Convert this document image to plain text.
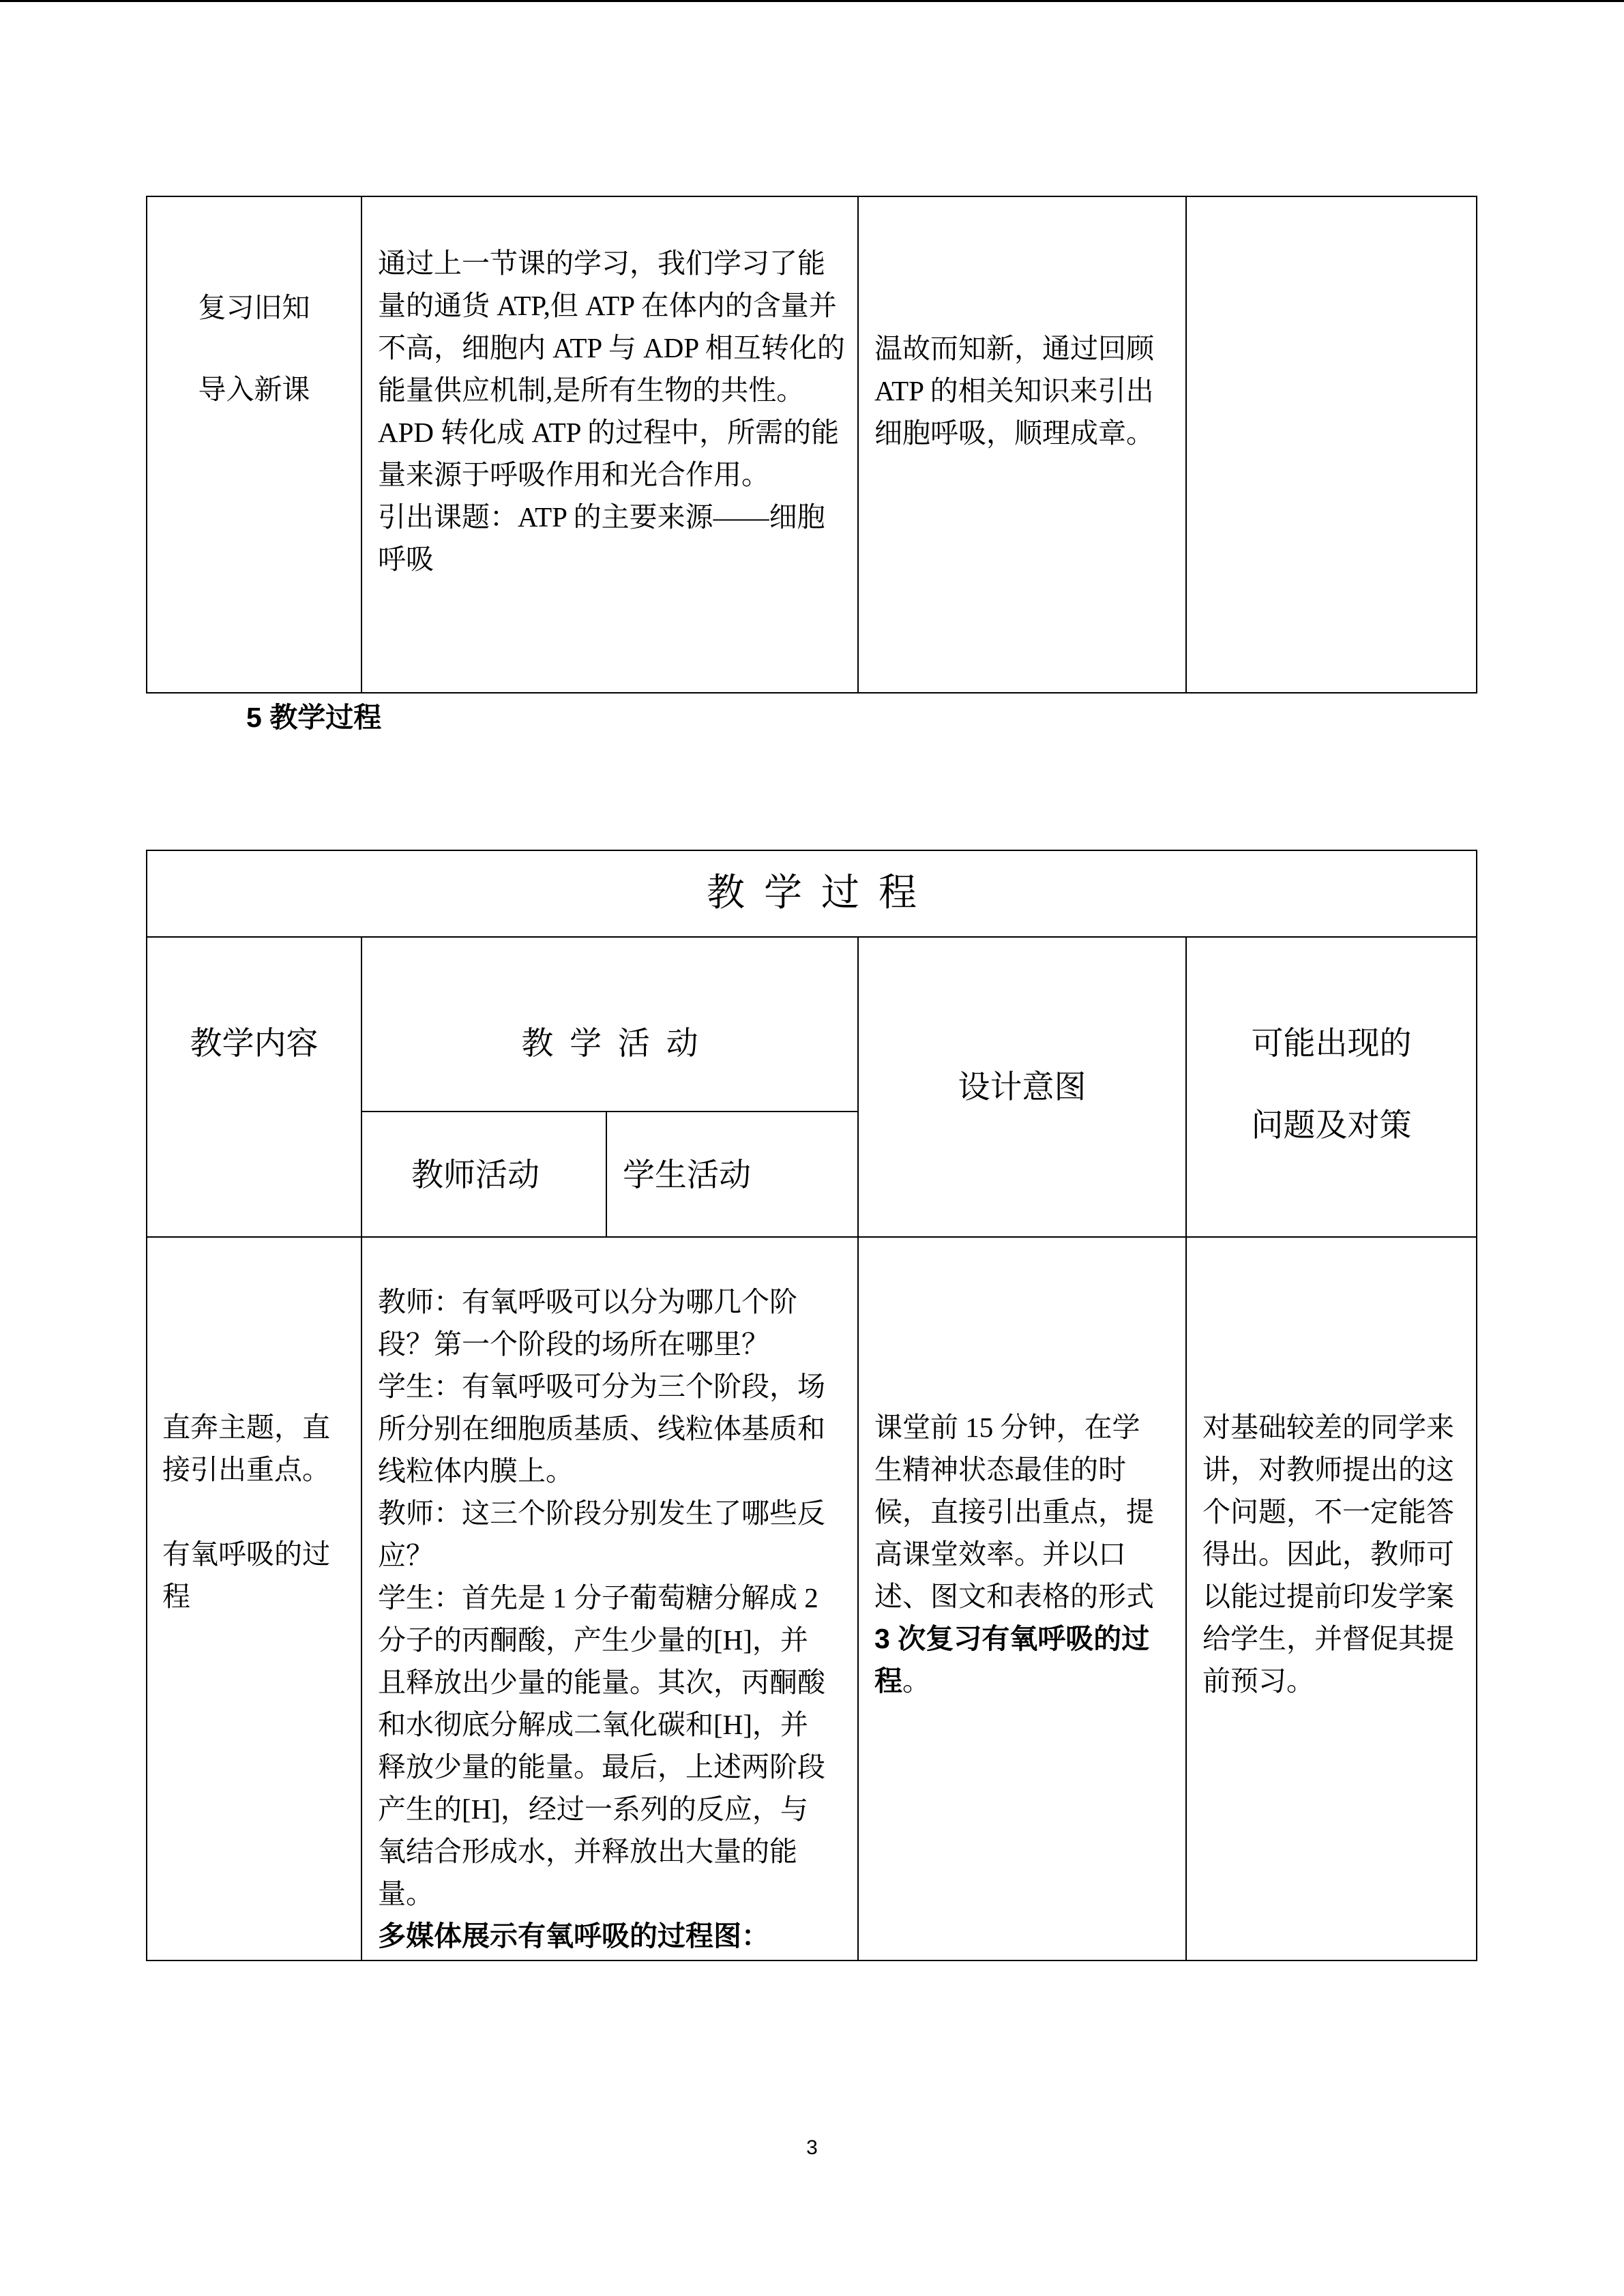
复习旧知
导入新课
通过上一节课的学习，我们学习了能
量的通货 ATP,但 ATP 在体内的含量并
不高，细胞内 ATP 与 ADP 相互转化的
能量供应机制,是所有生物的共性。
APD 转化成 ATP 的过程中，所需的能
量来源于呼吸作用和光合作用。
引出课题：ATP 的主要来源——细胞
呼吸
温故而知新，通过回顾
ATP 的相关知识来引出
细胞呼吸，顺理成章。
5 教学过程
教 学 过 程
教学内容	教 学 活 动
教师活动	学生活动
设计意图
可能出现的
问题及对策
直奔主题，直
接引出重点。
有氧呼吸的过
程
教师：有氧呼吸可以分为哪几个阶
段？第一个阶段的场所在哪里？
学生：有氧呼吸可分为三个阶段，场
所分别在细胞质基质、线粒体基质和
线粒体内膜上。
教师：这三个阶段分别发生了哪些反
应？
学生：首先是 1 分子葡萄糖分解成 2
分子的丙酮酸，产生少量的[H]，并
且释放出少量的能量。其次，丙酮酸
和水彻底分解成二氧化碳和[H]，并
释放少量的能量。最后，上述两阶段
产生的[H]，经过一系列的反应，与
氧结合形成水，并释放出大量的能
量。
多媒体展示有氧呼吸的过程图：
课堂前 15 分钟，在学
生精神状态最佳的时
候，直接引出重点，提
高课堂效率。并以口
述、图文和表格的形式
3 次复习有氧呼吸的过
程。
对基础较差的同学来
讲，对教师提出的这
个问题，不一定能答
得出。因此，教师可
以能过提前印发学案
给学生，并督促其提
前预习。
3
